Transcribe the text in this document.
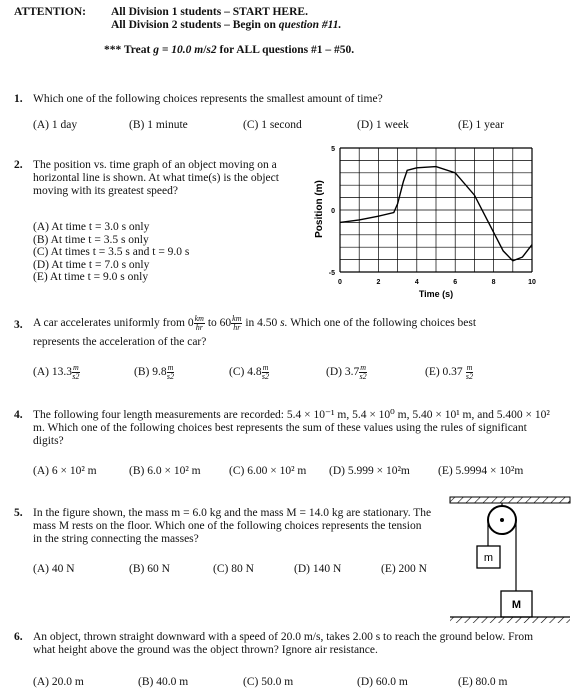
ATTENTION: All Division 1 students – START HERE.
All Division 2 students – Begin on question #11.
*** Treat g = 10.0 m/s2 for ALL questions #1 – #50.
1. Which one of the following choices represents the smallest amount of time?
(A) 1 day	(B) 1 minute	(C) 1 second	(D) 1 week	(E) 1 year
2. The position vs. time graph of an object moving on a horizontal line is shown. At what time(s) is the object moving with its greatest speed?
(A) At time t = 3.0 s only
(B) At time t = 3.5 s only
(C) At times t = 3.5 s and t = 9.0 s
(D) At time t = 7.0 s only
(E) At time t = 9.0 s only	0	2	4	6	8	10
5
0
-5
Position (m)
Time (s)
3. A car accelerates uniformly from $0 \frac{km}{hr}$ to $60 \frac{km}{hr}$ in 4.50 s. Which one of the following choices best
represents the acceleration of the car?
(A) $13.3 \frac{m}{s2}$	(B) $9.8 \frac{m}{s2}$	(C) $4.8 \frac{m}{s2}$	(D) $3.7 \frac{m}{s2}$	(E) $0.37 \frac{m}{s2}$
4. The following four length measurements are recorded: 5.4 × 10⁻¹ m, 5.4 × 10⁰ m, 5.40 × 10¹ m, and 5.400 × 10² m. Which one of the following choices best represents the sum of these values using the rules of significant digits?
(A) 6 × 10² m	(B) 6.0 × 10² m (C) 6.00 × 10² m (D) 5.999 × 10²m (E) 5.9994 × 10²m
5. In the figure shown, the mass m = 6.0 kg and the mass M = 14.0 kg are stationary. The mass M rests on the floor. Which one of the following choices represents the tension in the string connecting the masses?
(A) 40 N	(B) 60 N	(C) 80 N	(D) 140 N	(E) 200 N
m
M
6. An object, thrown straight downward with a speed of 20.0 m/s, takes 2.00 s to reach the ground below. From what height above the ground was the object thrown? Ignore air resistance.
(A) 20.0 m	(B) 40.0 m	(C) 50.0 m	(D) 60.0 m	(E) 80.0 m
